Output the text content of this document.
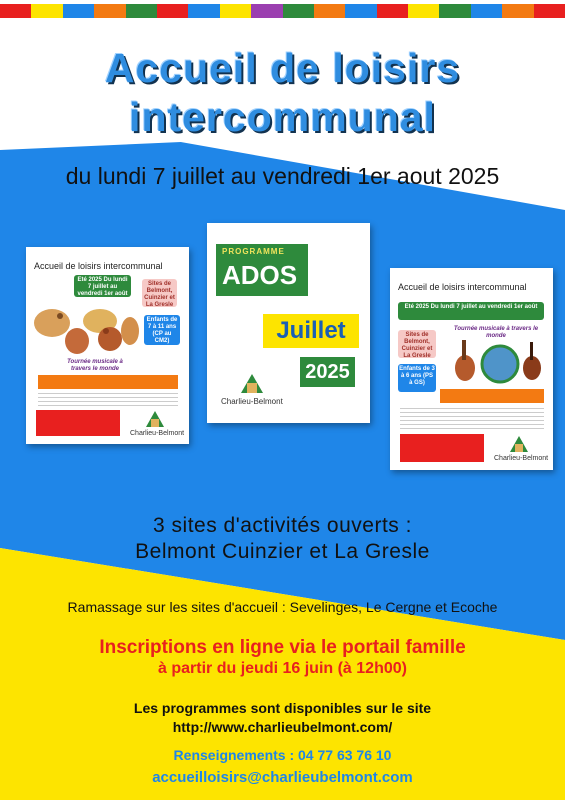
Accueil de loisirs
intercommunal
du lundi 7 juillet au vendredi 1er aout 2025
Accueil de loisirs intercommunal
Eté 2025 Du lundi 7 juillet au vendredi 1er août
Sites de Belmont, Cuinzier et La Gresle
Enfants de 7 à 11 ans (CP au CM2)
Tournée musicale à travers le monde
Charlieu-Belmont
PROGRAMME
ADOS
Juillet
2025
Charlieu-Belmont
Accueil de loisirs intercommunal
Eté 2025 Du lundi 7 juillet au vendredi 1er août
Sites de Belmont, Cuinzier et La Gresle
Tournée musicale à travers le monde
Enfants de 3 à 6 ans (PS à GS)
Charlieu-Belmont
3 sites d'activités ouverts :
Belmont Cuinzier et La Gresle
Ramassage sur les sites d'accueil : Sevelinges, Le Cergne et Ecoche
Inscriptions en ligne via le portail famille
à partir du jeudi 16 juin (à 12h00)
Les programmes sont disponibles sur le site
http://www.charlieubelmont.com/
Renseignements : 04 77 63 76 10
accueilloisirs@charlieubelmont.com
